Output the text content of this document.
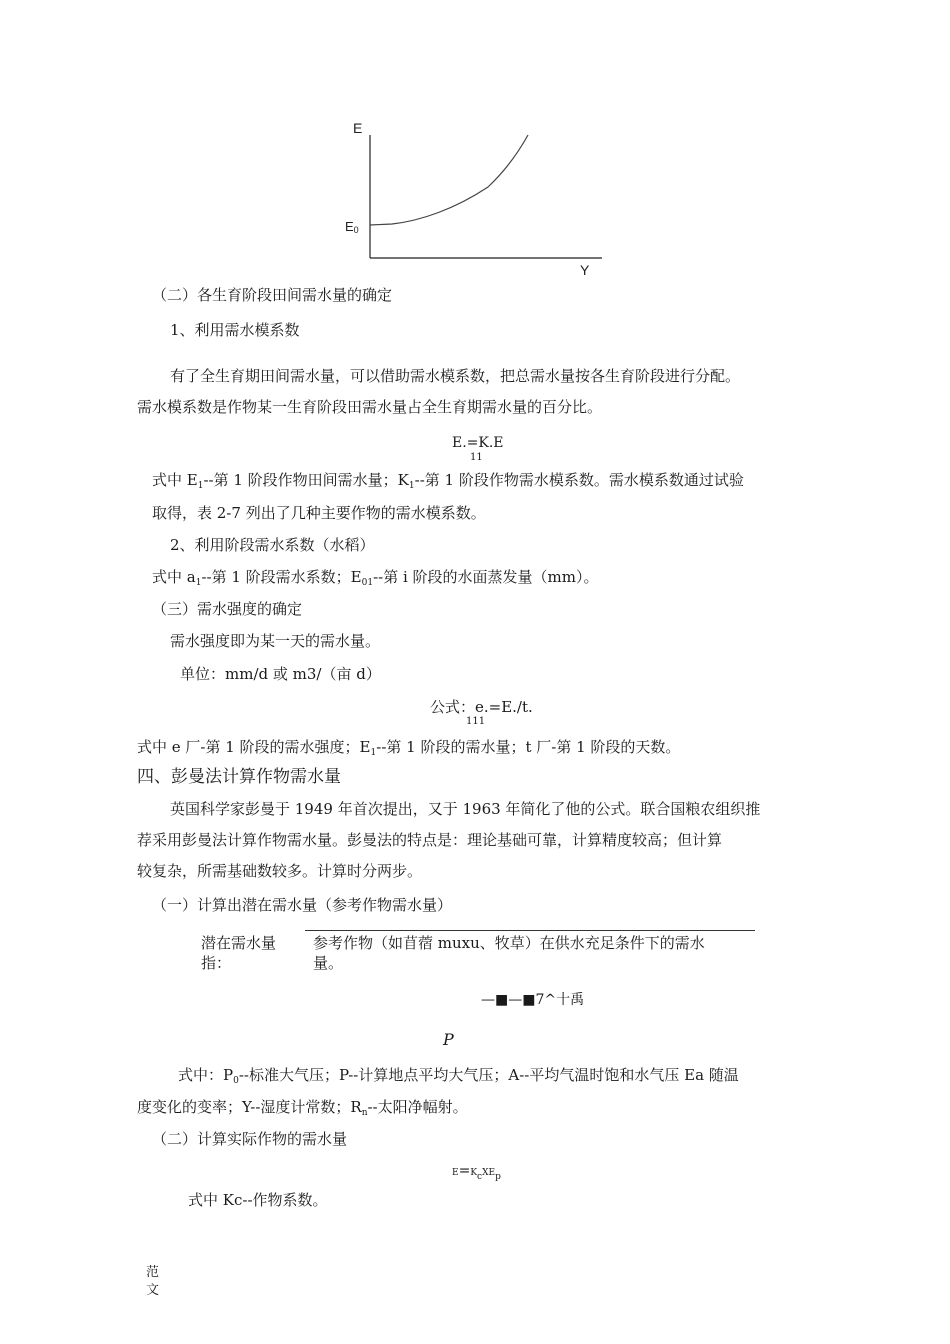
E
E0
Y
（二）各生育阶段田间需水量的确定
1、利用需水模系数
有了全生育期田间需水量，可以借助需水模系数，把总需水量按各生育阶段进行分配。
需水模系数是作物某一生育阶段田需水量占全生育期需水量的百分比。
E.=K.E
11
式中 $E_1--$第 1 阶段作物田间需水量；$K_1--$第 1 阶段作物需水模系数。需水模系数通过试验
取得，表 2-7 列出了几种主要作物的需水模系数。
2、利用阶段需水系数（水稻）
式中 $a_1--$第 1 阶段需水系数；$E_{01}--$第 i 阶段的水面蒸发量（mm）。
（三）需水强度的确定
需水强度即为某一天的需水量。
单位：mm/d 或 m3/（亩 d）
公式：e.=E./t.
111
式中 e 厂-第 1 阶段的需水强度；$E_1--$第 1 阶段的需水量；t 厂-第 1 阶段的天数。
四、彭曼法计算作物需水量
英国科学家彭曼于 1949 年首次提出，又于 1963 年简化了他的公式。联合国粮农组织推
荐采用彭曼法计算作物需水量。彭曼法的特点是：理论基础可靠，计算精度较高；但计算
较复杂，所需基础数较多。计算时分两步。
（一）计算出潜在需水量（参考作物需水量）
潜在需水量
指：
参考作物（如苜蓿 muxu、牧草）在供水充足条件下的需水
量。
—■—■7^十禹
P
式中：$P_0--$标准大气压；P--计算地点平均大气压；A--平均气温时饱和水气压 Ea 随温
度变化的变率；Y--湿度计常数；$R_n--$太阳净幅射。
（二）计算实际作物的需水量
E=KcXEp
式中 Kc--作物系数。
范
文
